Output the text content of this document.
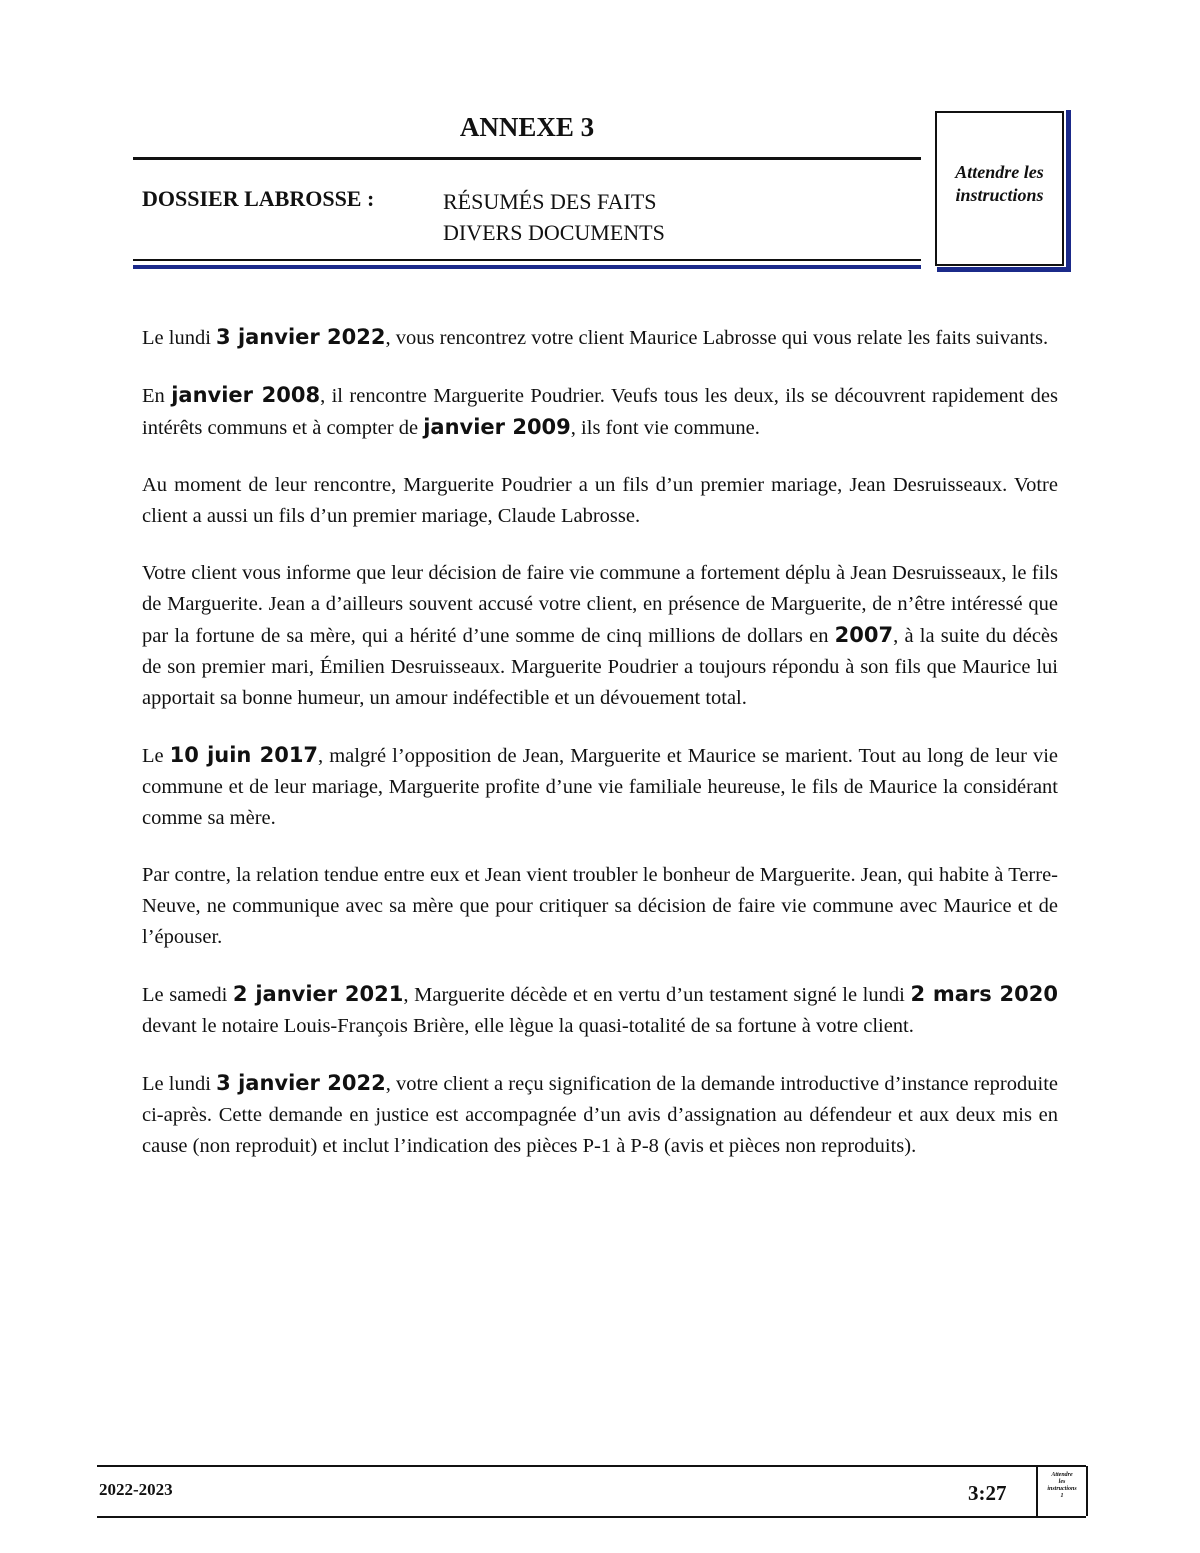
ANNEXE 3
DOSSIER LABROSSE :	RÉSUMÉS DES FAITS
DIVERS DOCUMENTS
Attendre les
instructions

Le lundi 3 janvier 2022, vous rencontrez votre client Maurice Labrosse qui vous relate les faits suivants.

En janvier 2008, il rencontre Marguerite Poudrier. Veufs tous les deux, ils se découvrent rapidement des intérêts communs et à compter de janvier 2009, ils font vie commune.

Au moment de leur rencontre, Marguerite Poudrier a un fils d’un premier mariage, Jean Desruisseaux. Votre client a aussi un fils d’un premier mariage, Claude Labrosse.

Votre client vous informe que leur décision de faire vie commune a fortement déplu à Jean Desruisseaux, le fils de Marguerite. Jean a d’ailleurs souvent accusé votre client, en présence de Marguerite, de n’être intéressé que par la fortune de sa mère, qui a hérité d’une somme de cinq millions de dollars en 2007, à la suite du décès de son premier mari, Émilien Desruisseaux. Marguerite Poudrier a toujours répondu à son fils que Maurice lui apportait sa bonne humeur, un amour indéfectible et un dévouement total.

Le 10 juin 2017, malgré l’opposition de Jean, Marguerite et Maurice se marient. Tout au long de leur vie commune et de leur mariage, Marguerite profite d’une vie familiale heureuse, le fils de Maurice la considérant comme sa mère.

Par contre, la relation tendue entre eux et Jean vient troubler le bonheur de Marguerite. Jean, qui habite à Terre-Neuve, ne communique avec sa mère que pour critiquer sa décision de faire vie commune avec Maurice et de l’épouser.

Le samedi 2 janvier 2021, Marguerite décède et en vertu d’un testament signé le lundi 2 mars 2020 devant le notaire Louis-François Brière, elle lègue la quasi-totalité de sa fortune à votre client.

Le lundi 3 janvier 2022, votre client a reçu signification de la demande introductive d’instance reproduite ci-après. Cette demande en justice est accompagnée d’un avis d’assignation au défendeur et aux deux mis en cause (non reproduit) et inclut l’indication des pièces P-1 à P-8 (avis et pièces non reproduits).

2022-2023	3:27
Attendre
les
instructions
1
